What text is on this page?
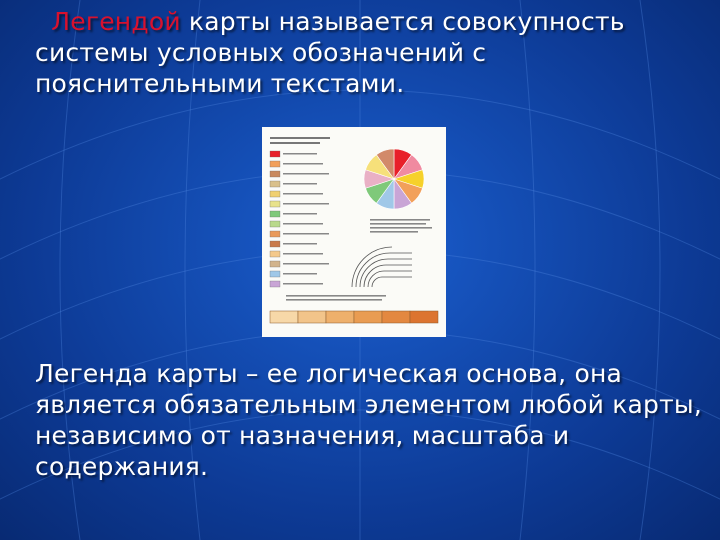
Легендой карты называется совокупность системы условных обозначений с пояснительными текстами.
Легенда карты – ее логическая основа, она является обязательным элементом любой карты, независимо от назначения, масштаба и содержания.
